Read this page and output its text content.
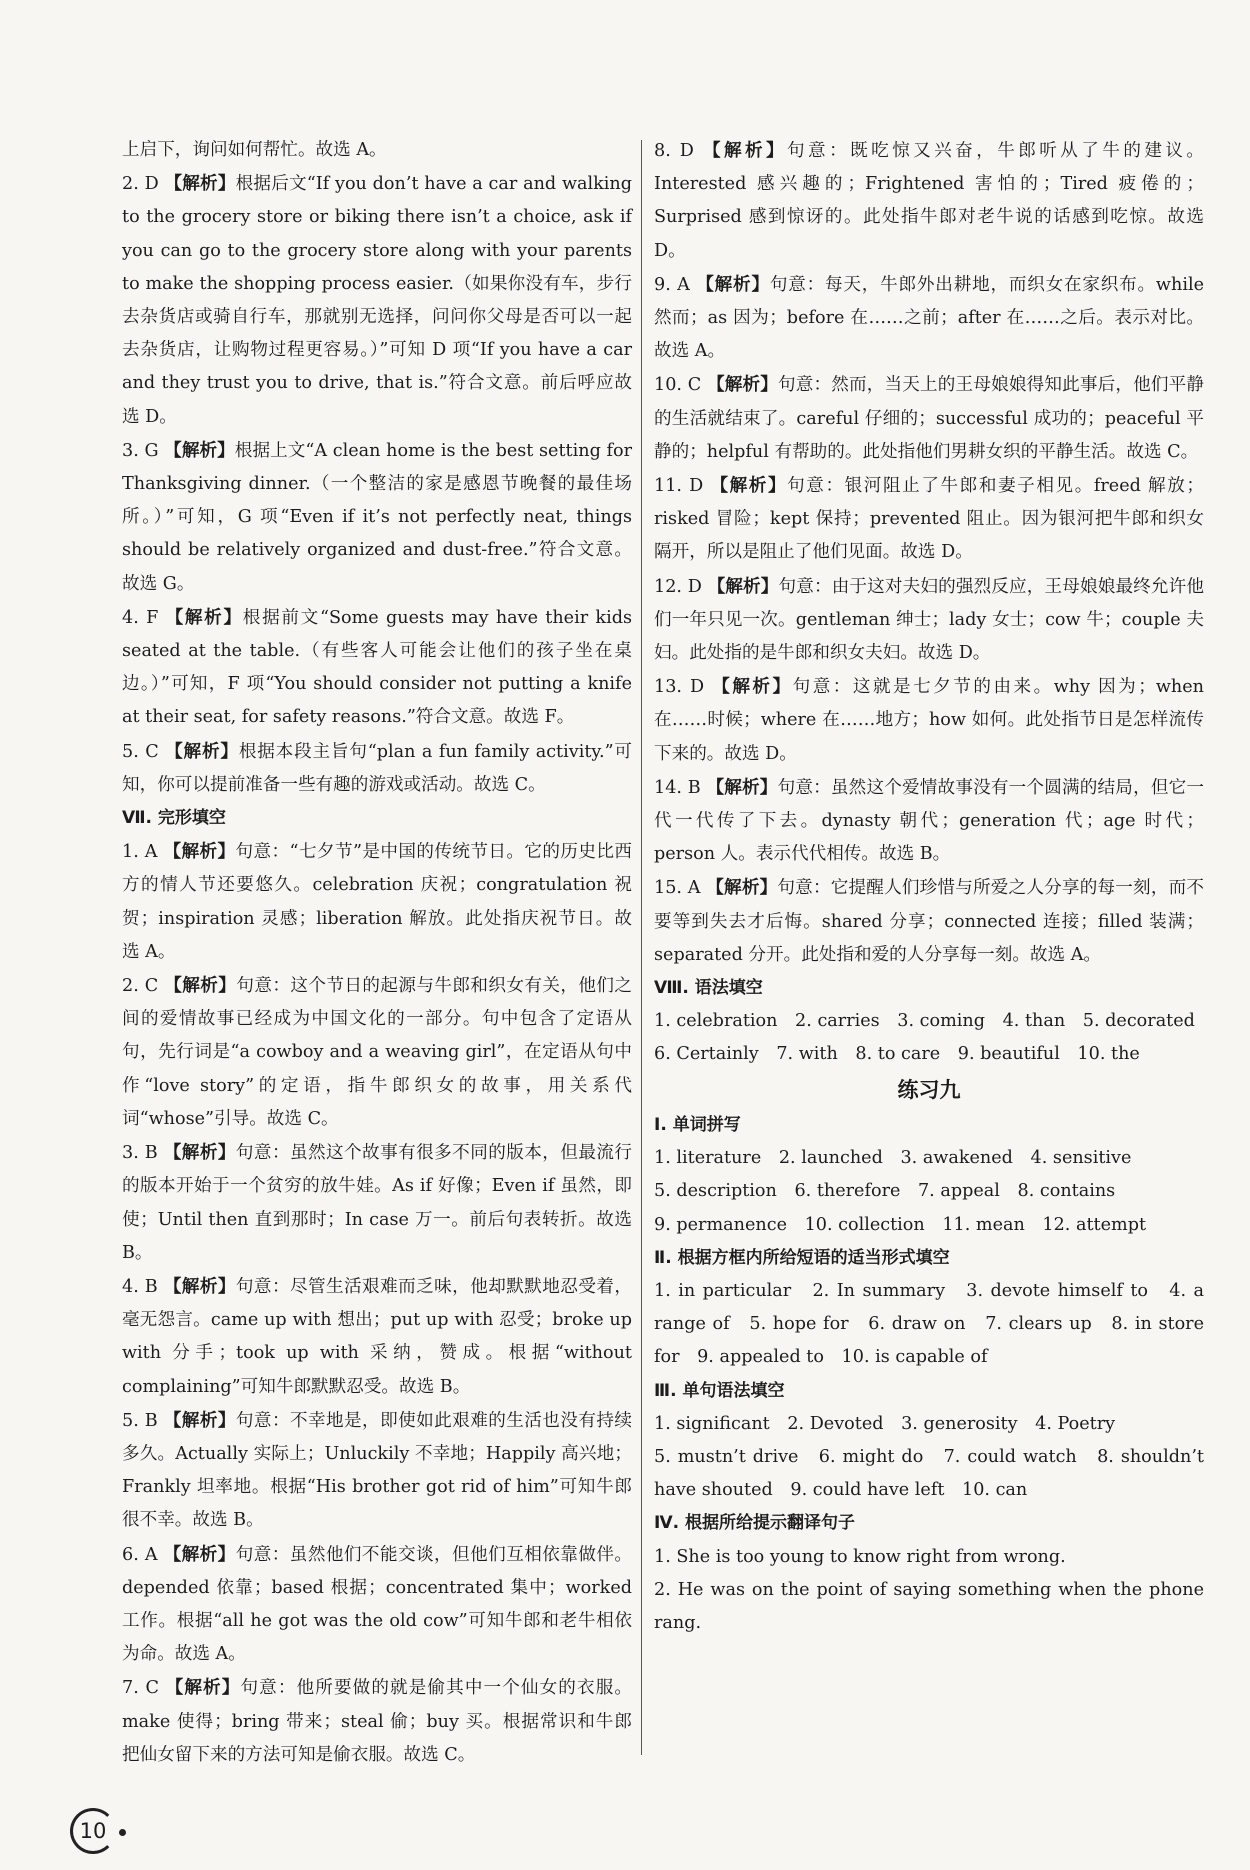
上启下，询问如何帮忙。故选 A。
2. D 【解析】根据后文“If you don’t have a car and walking to the grocery store or biking there isn’t a choice, ask if you can go to the grocery store along with your parents to make the shopping process easier.（如果你没有车，步行去杂货店或骑自行车，那就别无选择，问问你父母是否可以一起去杂货店，让购物过程更容易。）”可知 D 项“If you have a car and they trust you to drive, that is.”符合文意。前后呼应故选 D。
3. G 【解析】根据上文“A clean home is the best setting for Thanksgiving dinner.（一个整洁的家是感恩节晚餐的最佳场所。）”可知，G 项“Even if it’s not perfectly neat, things should be relatively organized and dust-free.”符合文意。故选 G。
4. F 【解析】根据前文“Some guests may have their kids seated at the table.（有些客人可能会让他们的孩子坐在桌边。）”可知，F 项“You should consider not putting a knife at their seat, for safety reasons.”符合文意。故选 F。
5. C 【解析】根据本段主旨句“plan a fun family activity.”可知，你可以提前准备一些有趣的游戏或活动。故选 C。
Ⅶ. 完形填空
1. A 【解析】句意：“七夕节”是中国的传统节日。它的历史比西方的情人节还要悠久。celebration 庆祝；congratulation 祝贺；inspiration 灵感；liberation 解放。此处指庆祝节日。故选 A。
2. C 【解析】句意：这个节日的起源与牛郎和织女有关，他们之间的爱情故事已经成为中国文化的一部分。句中包含了定语从句，先行词是“a cowboy and a weaving girl”，在定语从句中作“love story”的定语，指牛郎织女的故事，用关系代词“whose”引导。故选 C。
3. B 【解析】句意：虽然这个故事有很多不同的版本，但最流行的版本开始于一个贫穷的放牛娃。As if 好像；Even if 虽然，即使；Until then 直到那时；In case 万一。前后句表转折。故选 B。
4. B 【解析】句意：尽管生活艰难而乏味，他却默默地忍受着，毫无怨言。came up with 想出；put up with 忍受；broke up with 分手；took up with 采纳，赞成。根据“without complaining”可知牛郎默默忍受。故选 B。
5. B 【解析】句意：不幸地是，即使如此艰难的生活也没有持续多久。Actually 实际上；Unluckily 不幸地；Happily 高兴地；Frankly 坦率地。根据“His brother got rid of him”可知牛郎很不幸。故选 B。
6. A 【解析】句意：虽然他们不能交谈，但他们互相依靠做伴。depended 依靠；based 根据；concentrated 集中；worked 工作。根据“all he got was the old cow”可知牛郎和老牛相依为命。故选 A。
7. C 【解析】句意：他所要做的就是偷其中一个仙女的衣服。make 使得；bring 带来；steal 偷；buy 买。根据常识和牛郎把仙女留下来的方法可知是偷衣服。故选 C。
8. D 【解析】句意：既吃惊又兴奋，牛郎听从了牛的建议。Interested 感兴趣的；Frightened 害怕的；Tired 疲倦的；Surprised 感到惊讶的。此处指牛郎对老牛说的话感到吃惊。故选 D。
9. A 【解析】句意：每天，牛郎外出耕地，而织女在家织布。while 然而；as 因为；before 在……之前；after 在……之后。表示对比。故选 A。
10. C 【解析】句意：然而，当天上的王母娘娘得知此事后，他们平静的生活就结束了。careful 仔细的；successful 成功的；peaceful 平静的；helpful 有帮助的。此处指他们男耕女织的平静生活。故选 C。
11. D 【解析】句意：银河阻止了牛郎和妻子相见。freed 解放；risked 冒险；kept 保持；prevented 阻止。因为银河把牛郎和织女隔开，所以是阻止了他们见面。故选 D。
12. D 【解析】句意：由于这对夫妇的强烈反应，王母娘娘最终允许他们一年只见一次。gentleman 绅士；lady 女士；cow 牛；couple 夫妇。此处指的是牛郎和织女夫妇。故选 D。
13. D 【解析】句意：这就是七夕节的由来。why 因为；when 在……时候；where 在……地方；how 如何。此处指节日是怎样流传下来的。故选 D。
14. B 【解析】句意：虽然这个爱情故事没有一个圆满的结局，但它一代一代传了下去。dynasty 朝代；generation 代；age 时代；person 人。表示代代相传。故选 B。
15. A 【解析】句意：它提醒人们珍惜与所爱之人分享的每一刻，而不要等到失去才后悔。shared 分享；connected 连接；filled 装满；separated 分开。此处指和爱的人分享每一刻。故选 A。
Ⅷ. 语法填空
1. celebration　2. carries　3. coming　4. than　5. decorated
6. Certainly　7. with　8. to care　9. beautiful　10. the
练习九
Ⅰ. 单词拼写
1. literature　2. launched　3. awakened　4. sensitive
5. description　6. therefore　7. appeal　8. contains
9. permanence　10. collection　11. mean　12. attempt
Ⅱ. 根据方框内所给短语的适当形式填空
1. in particular　2. In summary　3. devote himself to　4. a range of　5. hope for　6. draw on　7. clears up　8. in store for　9. appealed to　10. is capable of
Ⅲ. 单句语法填空
1. significant　2. Devoted　3. generosity　4. Poetry
5. mustn’t drive　6. might do　7. could watch　8. shouldn’t have shouted　9. could have left　10. can
Ⅳ. 根据所给提示翻译句子
1. She is too young to know right from wrong.
2. He was on the point of saying something when the phone rang.
10
